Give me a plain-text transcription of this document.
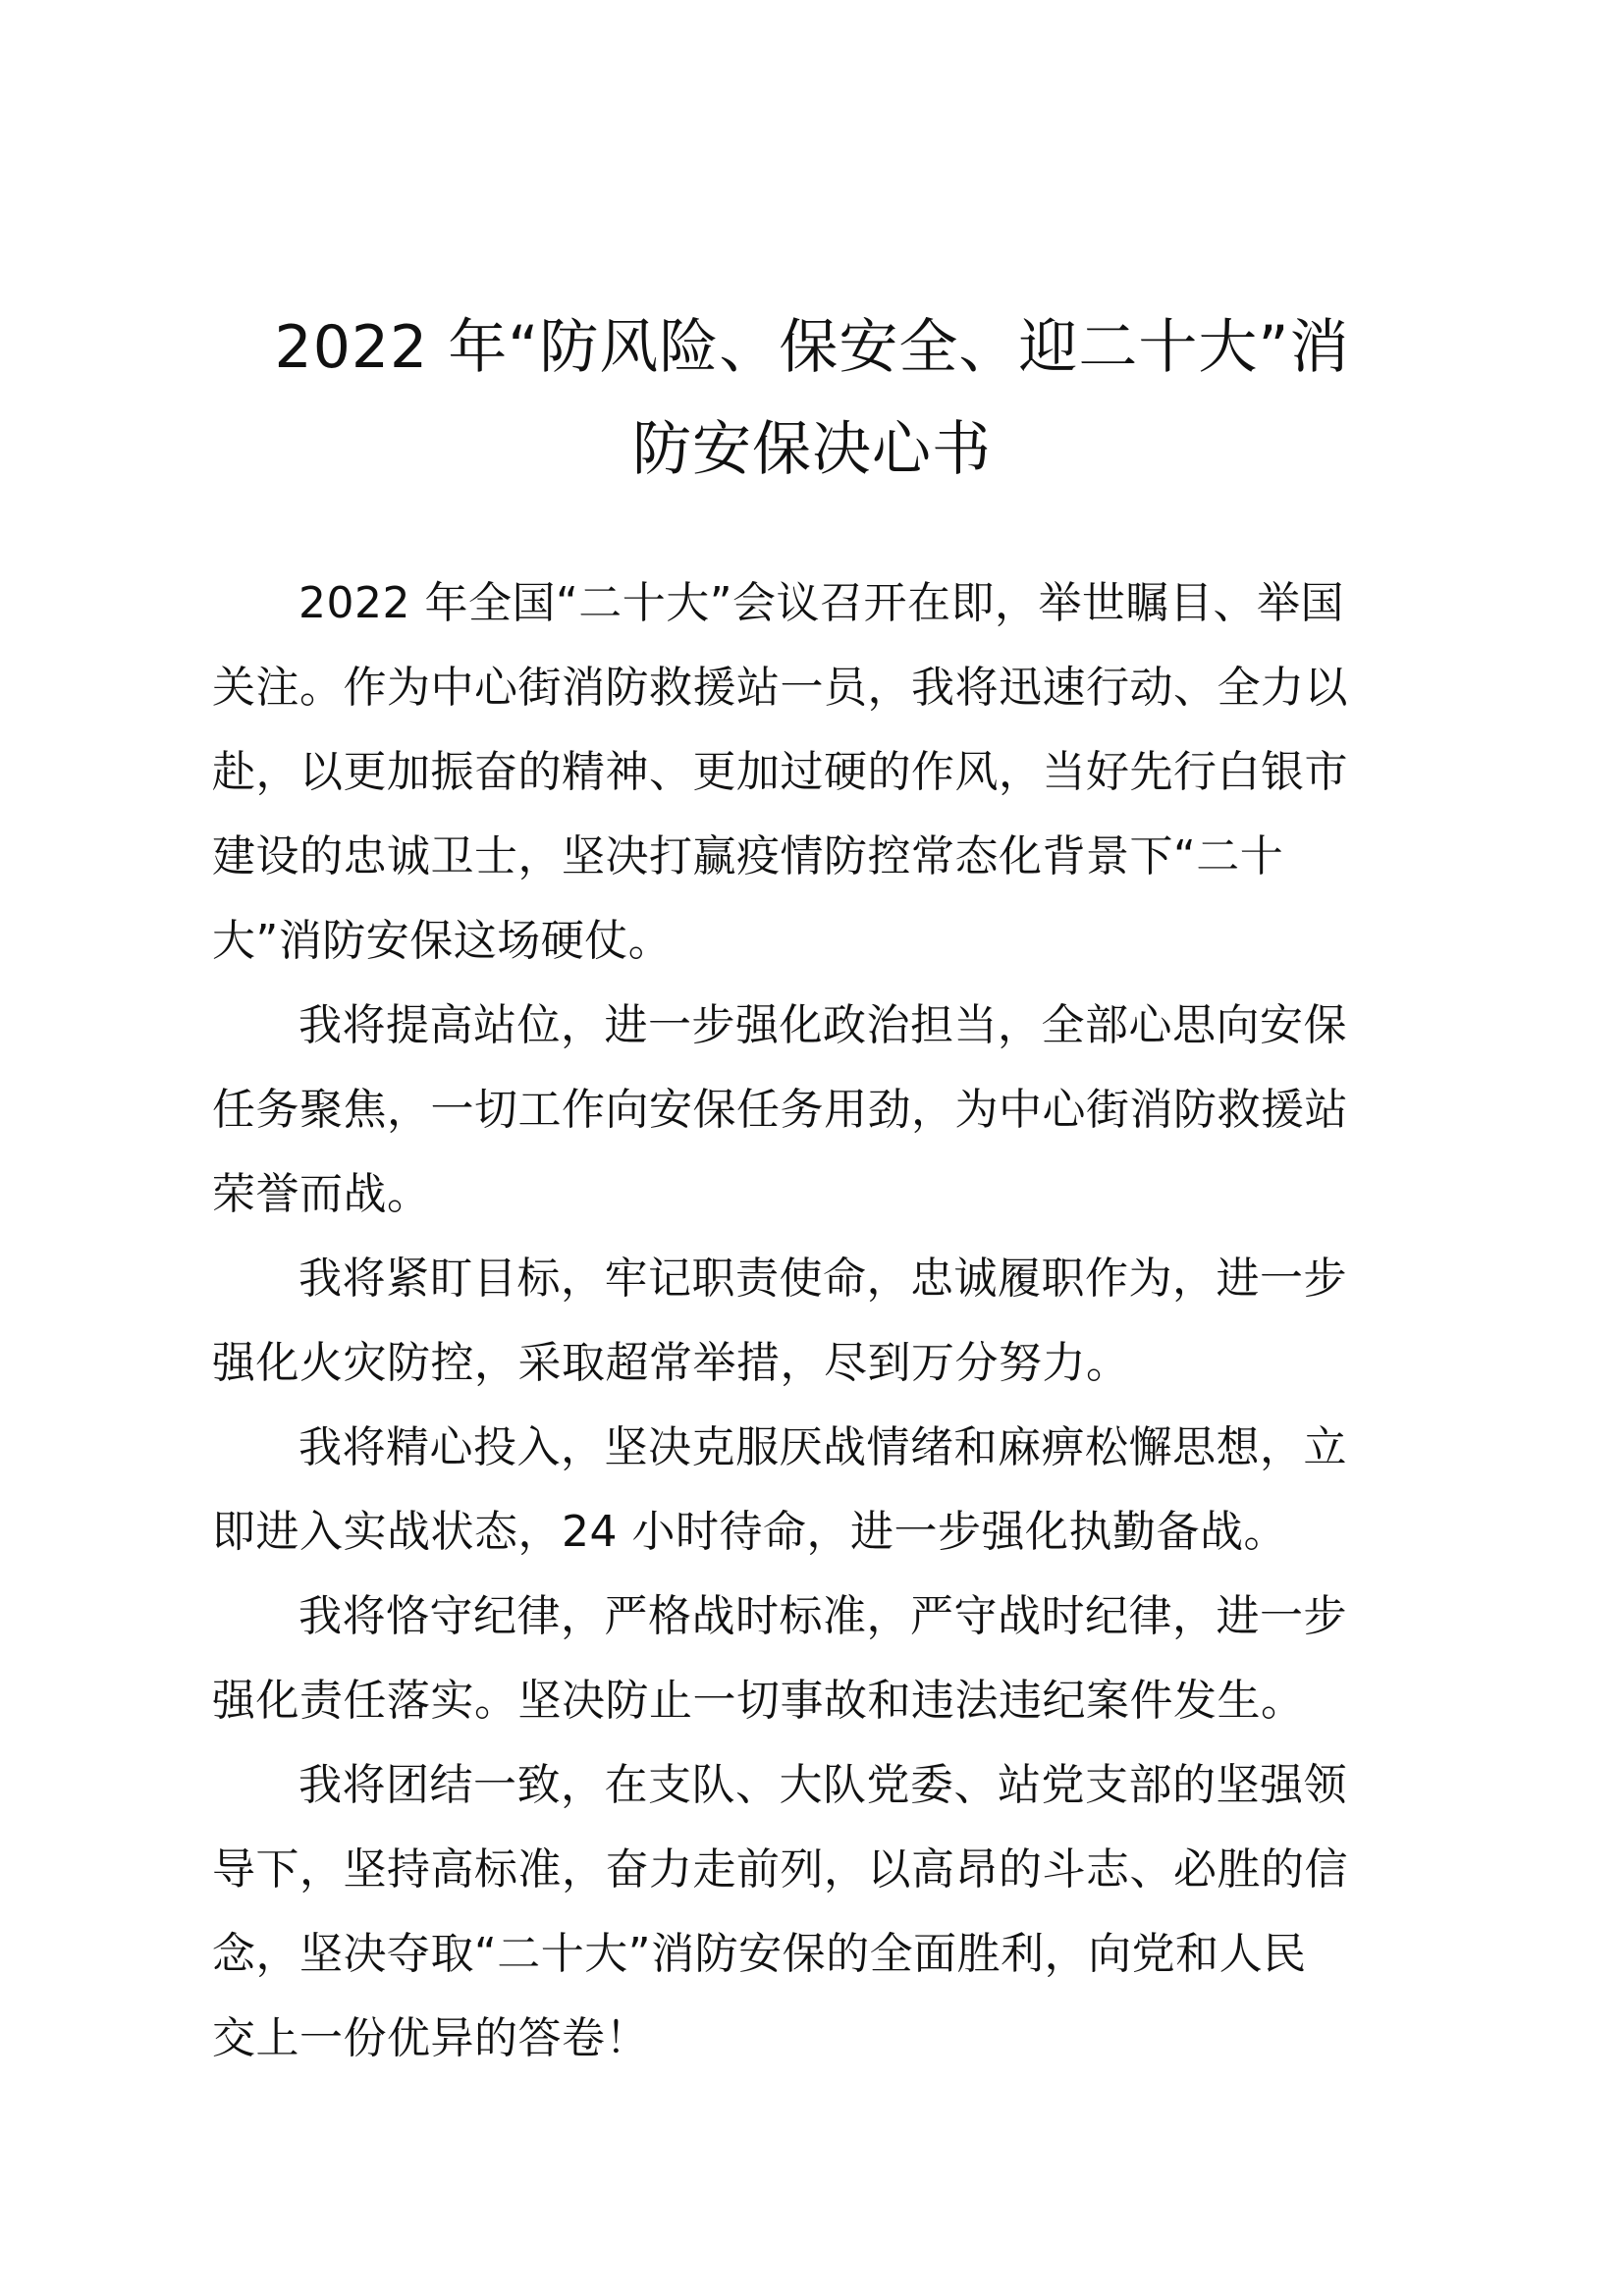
2022 年“防风险、保安全、迎二十大”消
防安保决心书

2022 年全国“二十大”会议召开在即，举世瞩目、举国
关注。作为中心街消防救援站一员，我将迅速行动、全力以
赴，以更加振奋的精神、更加过硬的作风，当好先行白银市
建设的忠诚卫士，坚决打赢疫情防控常态化背景下“二十
大”消防安保这场硬仗。

我将提高站位，进一步强化政治担当，全部心思向安保
任务聚焦，一切工作向安保任务用劲，为中心街消防救援站
荣誉而战。

我将紧盯目标，牢记职责使命，忠诚履职作为，进一步
强化火灾防控，采取超常举措，尽到万分努力。

我将精心投入，坚决克服厌战情绪和麻痹松懈思想，立
即进入实战状态，24 小时待命，进一步强化执勤备战。

我将恪守纪律，严格战时标准，严守战时纪律，进一步
强化责任落实。坚决防止一切事故和违法违纪案件发生。

我将团结一致，在支队、大队党委、站党支部的坚强领
导下，坚持高标准，奋力走前列，以高昂的斗志、必胜的信
念，坚决夺取“二十大”消防安保的全面胜利，向党和人民
交上一份优异的答卷！
